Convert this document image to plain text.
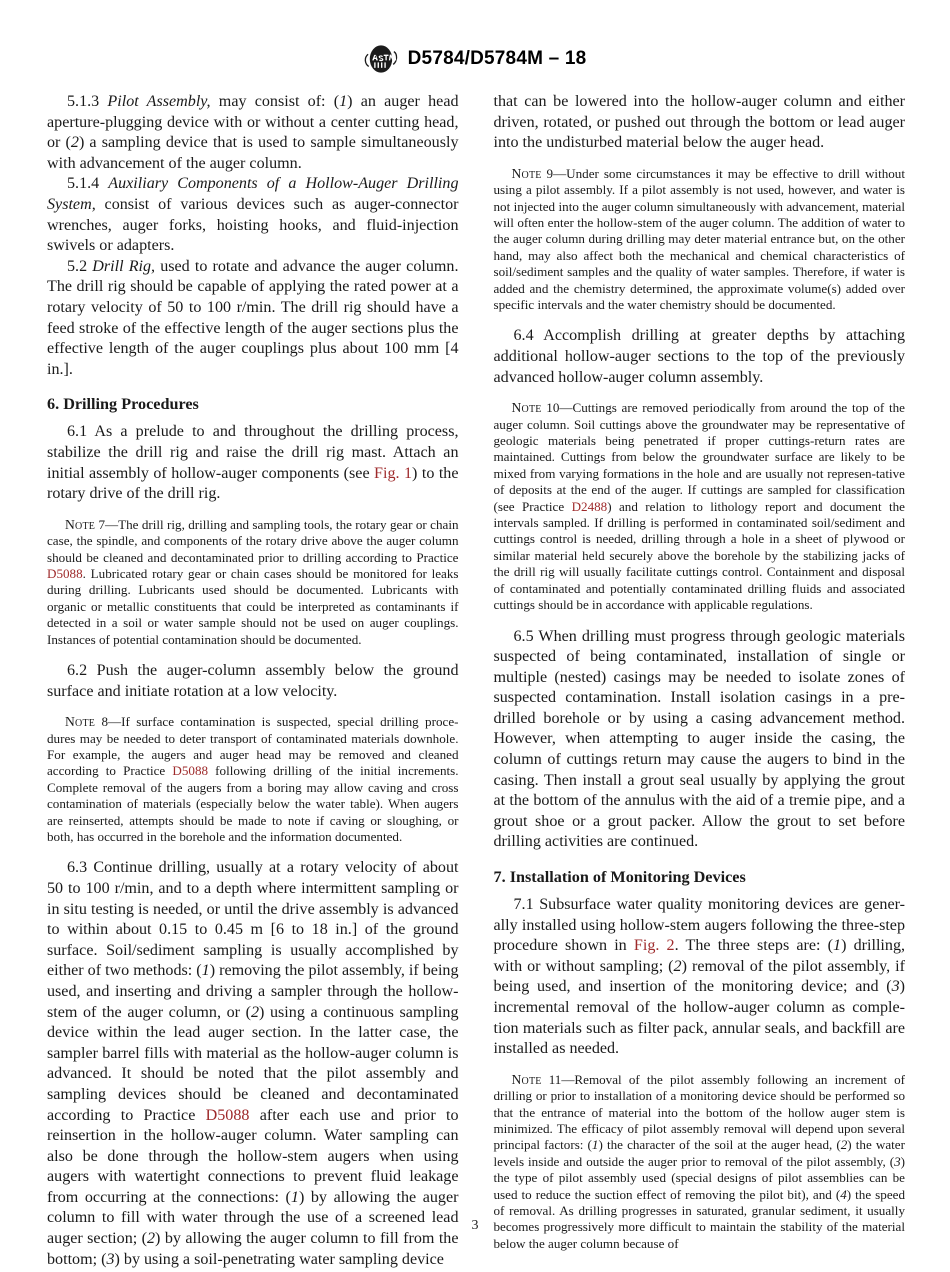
D5784/D5784M – 18

5.1.3 Pilot Assembly, may consist of: (1) an auger head aperture-plugging device with or without a center cutting head, or (2) a sampling device that is used to sample simultaneously with advancement of the auger column.

5.1.4 Auxiliary Components of a Hollow-Auger Drilling System, consist of various devices such as auger-connector wrenches, auger forks, hoisting hooks, and fluid-injection swivels or adapters.

5.2 Drill Rig, used to rotate and advance the auger column. The drill rig should be capable of applying the rated power at a rotary velocity of 50 to 100 r/min. The drill rig should have a feed stroke of the effective length of the auger sections plus the effective length of the auger couplings plus about 100 mm [4 in.].

6. Drilling Procedures

6.1 As a prelude to and throughout the drilling process, stabilize the drill rig and raise the drill rig mast. Attach an initial assembly of hollow-auger components (see Fig. 1) to the rotary drive of the drill rig.

Note 7—The drill rig, drilling and sampling tools, the rotary gear or chain case, the spindle, and components of the rotary drive above the auger column should be cleaned and decontaminated prior to drilling according to Practice D5088. Lubricated rotary gear or chain cases should be monitored for leaks during drilling. Lubricants used should be documented. Lubricants with organic or metallic constituents that could be interpreted as contaminants if detected in a soil or water sample should not be used on auger couplings. Instances of potential contamination should be documented.

6.2 Push the auger-column assembly below the ground surface and initiate rotation at a low velocity.

Note 8—If surface contamination is suspected, special drilling proce-dures may be needed to deter transport of contaminated materials downhole. For example, the augers and auger head may be removed and cleaned according to Practice D5088 following drilling of the initial increments. Complete removal of the augers from a boring may allow caving and cross contamination of materials (especially below the water table). When augers are reinserted, attempts should be made to note if caving or sloughing, or both, has occurred in the borehole and the information documented.

6.3 Continue drilling, usually at a rotary velocity of about 50 to 100 r/min, and to a depth where intermittent sampling or in situ testing is needed, or until the drive assembly is advanced to within about 0.15 to 0.45 m [6 to 18 in.] of the ground surface. Soil/sediment sampling is usually accomplished by either of two methods: (1) removing the pilot assembly, if being used, and inserting and driving a sampler through the hollow-stem of the auger column, or (2) using a continuous sampling device within the lead auger section. In the latter case, the sampler barrel fills with material as the hollow-auger column is advanced. It should be noted that the pilot assembly and sampling devices should be cleaned and decontaminated according to Practice D5088 after each use and prior to reinsertion in the hollow-auger column. Water sampling can also be done through the hollow-stem augers when using augers with watertight connections to prevent fluid leakage from occurring at the connections: (1) by allowing the auger column to fill with water through the use of a screened lead auger section; (2) by allowing the auger column to fill from the bottom; (3) by using a soil-penetrating water sampling device

that can be lowered into the hollow-auger column and either driven, rotated, or pushed out through the bottom or lead auger into the undisturbed material below the auger head.

Note 9—Under some circumstances it may be effective to drill without using a pilot assembly. If a pilot assembly is not used, however, and water is not injected into the auger column simultaneously with advancement, material will often enter the hollow-stem of the auger column. The addition of water to the auger column during drilling may deter material entrance but, on the other hand, may also affect both the mechanical and chemical characteristics of soil/sediment samples and the quality of water samples. Therefore, if water is added and the chemistry determined, the approximate volume(s) added over specific intervals and the water chemistry should be documented.

6.4 Accomplish drilling at greater depths by attaching additional hollow-auger sections to the top of the previously advanced hollow-auger column assembly.

Note 10—Cuttings are removed periodically from around the top of the auger column. Soil cuttings above the groundwater may be representative of geologic materials being penetrated if proper cuttings-return rates are maintained. Cuttings from below the groundwater surface are likely to be mixed from varying formations in the hole and are usually not represen-tative of deposits at the end of the auger. If cuttings are sampled for classification (see Practice D2488) and relation to lithology report and document the intervals sampled. If drilling is performed in contaminated soil/sediment and cuttings control is needed, drilling through a hole in a sheet of plywood or similar material held securely above the borehole by the stabilizing jacks of the drill rig will usually facilitate cuttings control. Containment and disposal of contaminated and potentially contaminated drilling fluids and associated cuttings should be in accordance with applicable regulations.

6.5 When drilling must progress through geologic materials suspected of being contaminated, installation of single or multiple (nested) casings may be needed to isolate zones of suspected contamination. Install isolation casings in a pre-drilled borehole or by using a casing advancement method. However, when attempting to auger inside the casing, the column of cuttings return may cause the augers to bind in the casing. Then install a grout seal usually by applying the grout at the bottom of the annulus with the aid of a tremie pipe, and a grout shoe or a grout packer. Allow the grout to set before drilling activities are continued.

7. Installation of Monitoring Devices

7.1 Subsurface water quality monitoring devices are gener-ally installed using hollow-stem augers following the three-step procedure shown in Fig. 2. The three steps are: (1) drilling, with or without sampling; (2) removal of the pilot assembly, if being used, and insertion of the monitoring device; and (3) incremental removal of the hollow-auger column as comple-tion materials such as filter pack, annular seals, and backfill are installed as needed.

Note 11—Removal of the pilot assembly following an increment of drilling or prior to installation of a monitoring device should be performed so that the entrance of material into the bottom of the hollow auger stem is minimized. The efficacy of pilot assembly removal will depend upon several principal factors: (1) the character of the soil at the auger head, (2) the water levels inside and outside the auger prior to removal of the pilot assembly, (3) the type of pilot assembly used (special designs of pilot assemblies can be used to reduce the suction effect of removing the pilot bit), and (4) the speed of removal. As drilling progresses in saturated, granular sediment, it usually becomes progressively more difficult to maintain the stability of the material below the auger column because of

3
